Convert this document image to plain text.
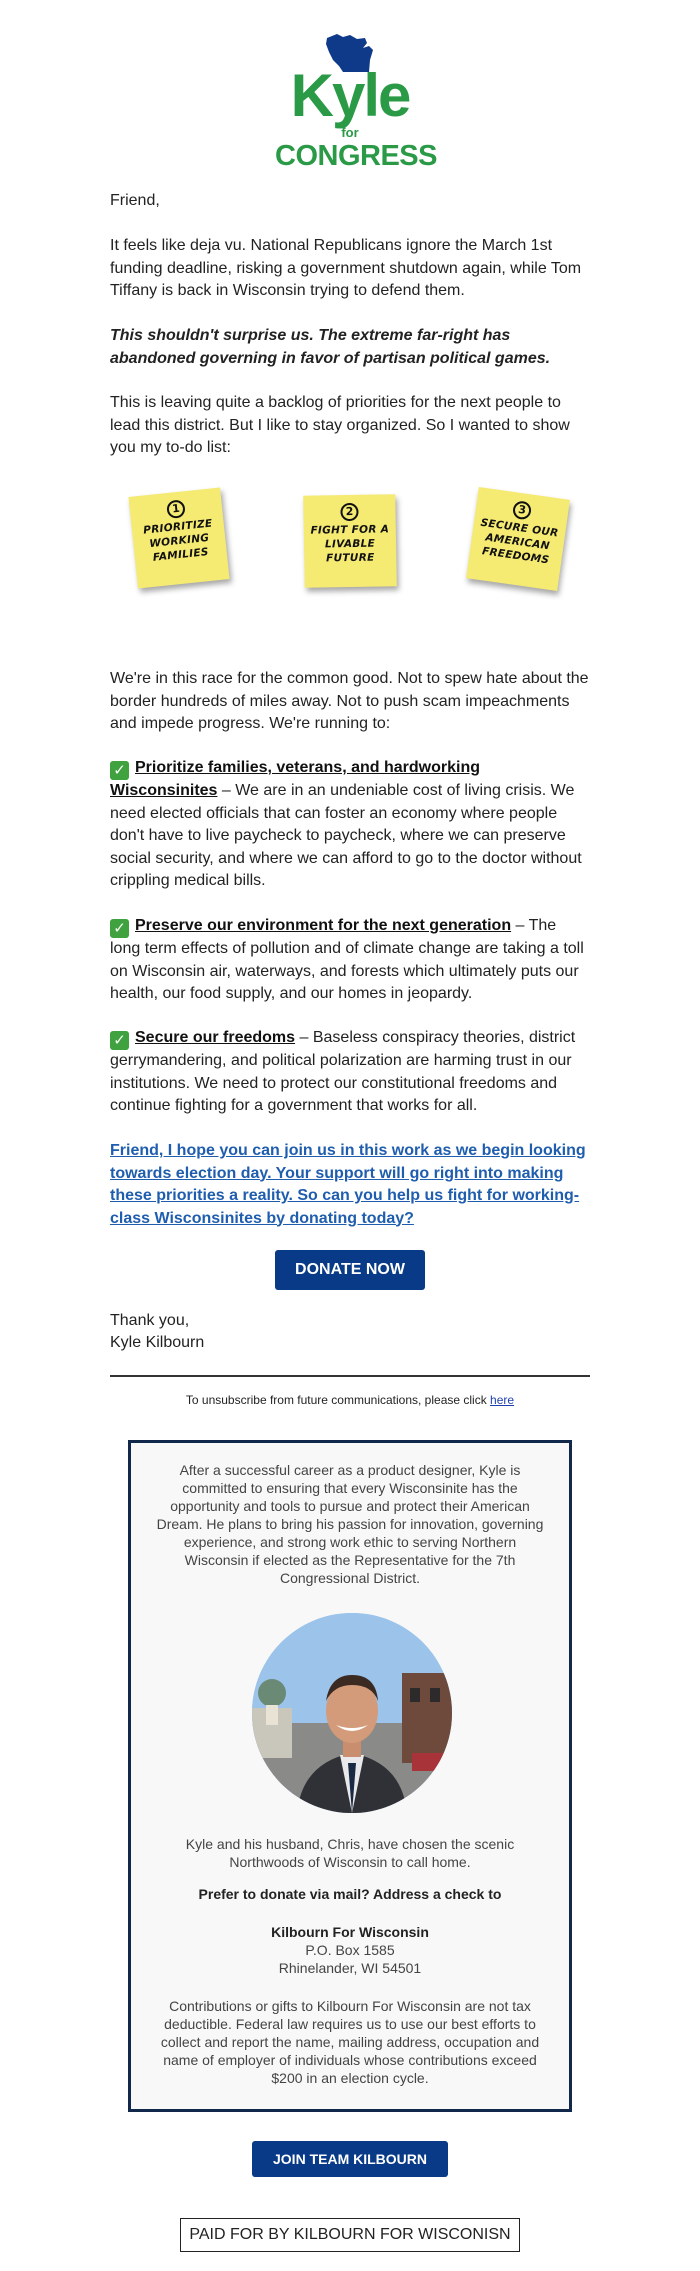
Kyle
for
CONGRESS
Friend,
It feels like deja vu. National Republicans ignore the March 1st funding deadline, risking a government shutdown again, while Tom Tiffany is back in Wisconsin trying to defend them.
This shouldn't surprise us. The extreme far-right has abandoned governing in favor of partisan political games.
This is leaving quite a backlog of priorities for the next people to lead this district. But I like to stay organized. So I wanted to show you my to-do list:
1
PRIORITIZE WORKING FAMILIES
2
FIGHT FOR A LIVABLE FUTURE
3
SECURE OUR AMERICAN FREEDOMS
We're in this race for the common good. Not to spew hate about the border hundreds of miles away. Not to push scam impeachments and impede progress. We're running to:
✓ Prioritize families, veterans, and hardworking Wisconsinites – We are in an undeniable cost of living crisis. We need elected officials that can foster an economy where people don't have to live paycheck to paycheck, where we can preserve social security, and where we can afford to go to the doctor without crippling medical bills.
✓ Preserve our environment for the next generation – The long term effects of pollution and of climate change are taking a toll on Wisconsin air, waterways, and forests which ultimately puts our health, our food supply, and our homes in jeopardy.
✓ Secure our freedoms – Baseless conspiracy theories, district gerrymandering, and political polarization are harming trust in our institutions. We need to protect our constitutional freedoms and continue fighting for a government that works for all.
Friend, I hope you can join us in this work as we begin looking towards election day. Your support will go right into making these priorities a reality. So can you help us fight for working-class Wisconsinites by donating today?
DONATE NOW
Thank you,
Kyle Kilbourn
To unsubscribe from future communications, please click here
After a successful career as a product designer, Kyle is committed to ensuring that every Wisconsinite has the opportunity and tools to pursue and protect their American Dream. He plans to bring his passion for innovation, governing experience, and strong work ethic to serving Northern Wisconsin if elected as the Representative for the 7th Congressional District.
Kyle and his husband, Chris, have chosen the scenic Northwoods of Wisconsin to call home.
Prefer to donate via mail? Address a check to
Kilbourn For Wisconsin
P.O. Box 1585
Rhinelander, WI 54501
Contributions or gifts to Kilbourn For Wisconsin are not tax deductible. Federal law requires us to use our best efforts to collect and report the name, mailing address, occupation and name of employer of individuals whose contributions exceed $200 in an election cycle.
JOIN TEAM KILBOURN
PAID FOR BY KILBOURN FOR WISCONISN
